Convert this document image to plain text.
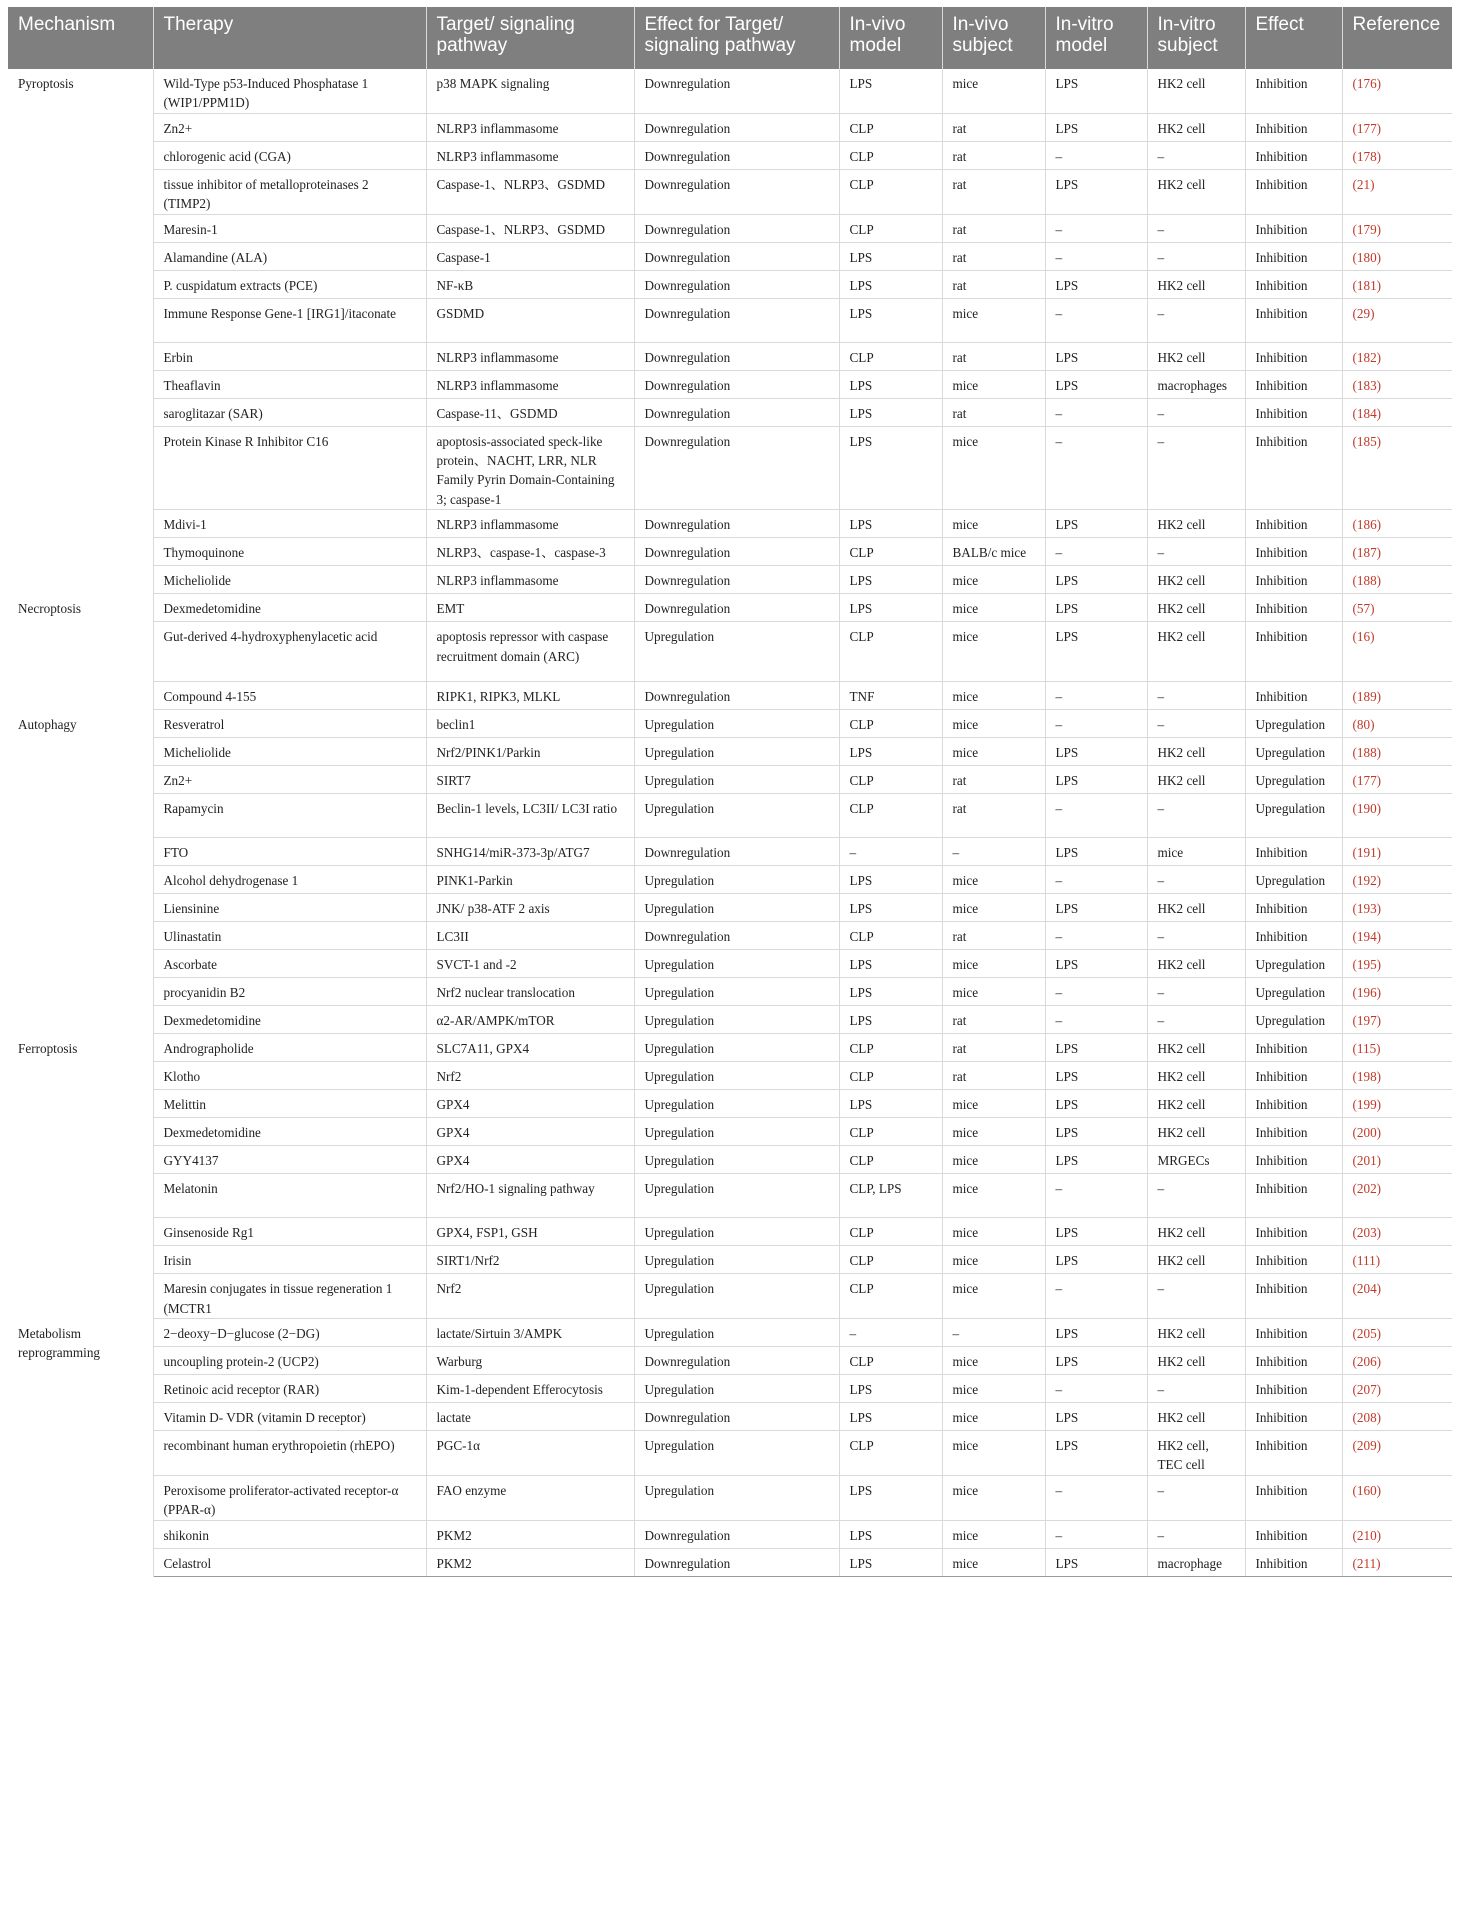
Mechanism	Therapy	Target/ signaling pathway	Effect for Target/ signaling pathway	In-vivo model	In-vivo subject	In-vitro model	In-vitro subject	Effect	Reference
Pyroptosis	Wild-Type p53-Induced Phosphatase 1 (WIP1/PPM1D)	p38 MAPK signaling	Downregulation	LPS	mice	LPS	HK2 cell	Inhibition	(176)
	Zn2+	NLRP3 inflammasome	Downregulation	CLP	rat	LPS	HK2 cell	Inhibition	(177)
	chlorogenic acid (CGA)	NLRP3 inflammasome	Downregulation	CLP	rat	–	–	Inhibition	(178)
	tissue inhibitor of metalloproteinases 2 (TIMP2)	Caspase-1、NLRP3、GSDMD	Downregulation	CLP	rat	LPS	HK2 cell	Inhibition	(21)
	Maresin-1	Caspase-1、NLRP3、GSDMD	Downregulation	CLP	rat	–	–	Inhibition	(179)
	Alamandine (ALA)	Caspase-1	Downregulation	LPS	rat	–	–	Inhibition	(180)
	P. cuspidatum extracts (PCE)	NF-κB	Downregulation	LPS	rat	LPS	HK2 cell	Inhibition	(181)
	Immune Response Gene-1 [IRG1]/itaconate	GSDMD	Downregulation	LPS	mice	–	–	Inhibition	(29)
	Erbin	NLRP3 inflammasome	Downregulation	CLP	rat	LPS	HK2 cell	Inhibition	(182)
	Theaflavin	NLRP3 inflammasome	Downregulation	LPS	mice	LPS	macrophages	Inhibition	(183)
	saroglitazar (SAR)	Caspase-11、GSDMD	Downregulation	LPS	rat	–	–	Inhibition	(184)
	Protein Kinase R Inhibitor C16	apoptosis-associated speck-like protein、NACHT, LRR, NLR Family Pyrin Domain-Containing 3; caspase-1	Downregulation	LPS	mice	–	–	Inhibition	(185)
	Mdivi-1	NLRP3 inflammasome	Downregulation	LPS	mice	LPS	HK2 cell	Inhibition	(186)
	Thymoquinone	NLRP3、caspase-1、caspase-3	Downregulation	CLP	BALB/c mice	–	–	Inhibition	(187)
	Micheliolide	NLRP3 inflammasome	Downregulation	LPS	mice	LPS	HK2 cell	Inhibition	(188)
Necroptosis	Dexmedetomidine	EMT	Downregulation	LPS	mice	LPS	HK2 cell	Inhibition	(57)
	Gut-derived 4-hydroxyphenylacetic acid	apoptosis repressor with caspase recruitment domain (ARC)	Upregulation	CLP	mice	LPS	HK2 cell	Inhibition	(16)
	Compound 4-155	RIPK1, RIPK3, MLKL	Downregulation	TNF	mice	–	–	Inhibition	(189)
Autophagy	Resveratrol	beclin1	Upregulation	CLP	mice	–	–	Upregulation	(80)
	Micheliolide	Nrf2/PINK1/Parkin	Upregulation	LPS	mice	LPS	HK2 cell	Upregulation	(188)
	Zn2+	SIRT7	Upregulation	CLP	rat	LPS	HK2 cell	Upregulation	(177)
	Rapamycin	Beclin-1 levels, LC3II/ LC3I ratio	Upregulation	CLP	rat	–	–	Upregulation	(190)
	FTO	SNHG14/miR-373-3p/ATG7	Downregulation	–	–	LPS	mice	Inhibition	(191)
	Alcohol dehydrogenase 1	PINK1-Parkin	Upregulation	LPS	mice	–	–	Upregulation	(192)
	Liensinine	JNK/ p38-ATF 2 axis	Upregulation	LPS	mice	LPS	HK2 cell	Inhibition	(193)
	Ulinastatin	LC3II	Downregulation	CLP	rat	–	–	Inhibition	(194)
	Ascorbate	SVCT-1 and -2	Upregulation	LPS	mice	LPS	HK2 cell	Upregulation	(195)
	procyanidin B2	Nrf2 nuclear translocation	Upregulation	LPS	mice	–	–	Upregulation	(196)
	Dexmedetomidine	α2-AR/AMPK/mTOR	Upregulation	LPS	rat	–	–	Upregulation	(197)
Ferroptosis	Andrographolide	SLC7A11, GPX4	Upregulation	CLP	rat	LPS	HK2 cell	Inhibition	(115)
	Klotho	Nrf2	Upregulation	CLP	rat	LPS	HK2 cell	Inhibition	(198)
	Melittin	GPX4	Upregulation	LPS	mice	LPS	HK2 cell	Inhibition	(199)
	Dexmedetomidine	GPX4	Upregulation	CLP	mice	LPS	HK2 cell	Inhibition	(200)
	GYY4137	GPX4	Upregulation	CLP	mice	LPS	MRGECs	Inhibition	(201)
	Melatonin	Nrf2/HO-1 signaling pathway	Upregulation	CLP, LPS	mice	–	–	Inhibition	(202)
	Ginsenoside Rg1	GPX4, FSP1, GSH	Upregulation	CLP	mice	LPS	HK2 cell	Inhibition	(203)
	Irisin	SIRT1/Nrf2	Upregulation	CLP	mice	LPS	HK2 cell	Inhibition	(111)
	Maresin conjugates in tissue regeneration 1 (MCTR1	Nrf2	Upregulation	CLP	mice	–	–	Inhibition	(204)
Metabolism reprogramming	2−deoxy−D−glucose (2−DG)	lactate/Sirtuin 3/AMPK	Upregulation	–	–	LPS	HK2 cell	Inhibition	(205)
	uncoupling protein-2 (UCP2)	Warburg	Downregulation	CLP	mice	LPS	HK2 cell	Inhibition	(206)
	Retinoic acid receptor (RAR)	Kim-1-dependent Efferocytosis	Upregulation	LPS	mice	–	–	Inhibition	(207)
	Vitamin D- VDR (vitamin D receptor)	lactate	Downregulation	LPS	mice	LPS	HK2 cell	Inhibition	(208)
	recombinant human erythropoietin (rhEPO)	PGC-1α	Upregulation	CLP	mice	LPS	HK2 cell, TEC cell	Inhibition	(209)
	Peroxisome proliferator-activated receptor-α (PPAR-α)	FAO enzyme	Upregulation	LPS	mice	–	–	Inhibition	(160)
	shikonin	PKM2	Downregulation	LPS	mice	–	–	Inhibition	(210)
	Celastrol	PKM2	Downregulation	LPS	mice	LPS	macrophage	Inhibition	(211)
